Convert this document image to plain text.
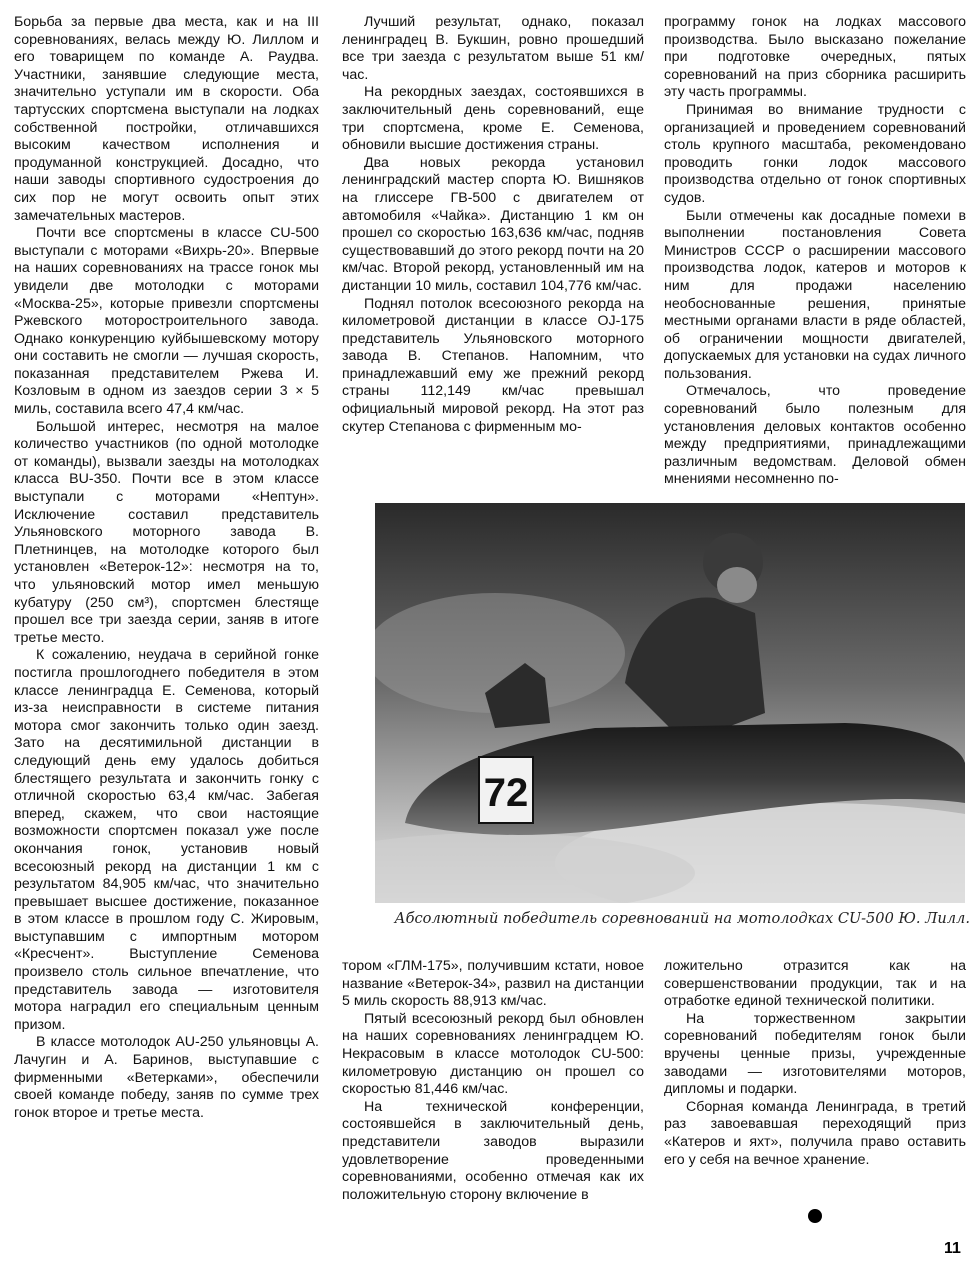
Борьба за первые два места, как и на III соревнованиях, велась между Ю. Лиллом и его товарищем по команде А. Раудва. Участники, занявшие следующие места, значительно уступали им в скорости. Оба тартусских спортсмена выступали на лодках собственной постройки, отличавшихся высоким качеством исполнения и продуманной конструкцией. Досадно, что наши заводы спортивного судостроения до сих пор не могут освоить опыт этих замечательных мастеров.

Почти все спортсмены в классе СU-500 выступали с моторами «Вихрь-20». Впервые на наших соревнованиях на трассе гонок мы увидели две мотолодки с моторами «Москва-25», которые привезли спортсмены Ржевского моторостроительного завода. Однако конкуренцию куйбышевскому мотору они составить не смогли — лучшая скорость, показанная представителем Ржева И. Козловым в одном из заездов серии 3 × 5 миль, составила всего 47,4 км/час.

Большой интерес, несмотря на малое количество участников (по одной мотолодке от команды), вызвали заезды на мотолодках класса ВU-350. Почти все в этом классе выступали с моторами «Нептун». Исключение составил представитель Ульяновского моторного завода В. Плетнинцев, на мотолодке которого был установлен «Ветерок-12»: несмотря на то, что ульяновский мотор имел меньшую кубатуру (250 см³), спортсмен блестяще прошел все три заезда серии, заняв в итоге третье место.

К сожалению, неудача в серийной гонке постигла прошлогоднего победителя в этом классе ленинградца Е. Семенова, который из-за неисправности в системе питания мотора смог закончить только один заезд. Зато на десятимильной дистанции в следующий день ему удалось добиться блестящего результата и закончить гонку с отличной скоростью 63,4 км/час. Забегая вперед, скажем, что свои настоящие возможности спортсмен показал уже после окончания гонок, установив новый всесоюзный рекорд на дистанции 1 км с результатом 84,905 км/час, что значительно превышает высшее достижение, показанное в этом классе в прошлом году С. Жировым, выступавшим с импортным мотором «Кресчент». Выступление Семенова произвело столь сильное впечатление, что представитель завода — изготовителя мотора наградил его специальным ценным призом.

В классе мотолодок АU-250 ульяновцы А. Лачугин и А. Баринов, выступавшие с фирменными «Ветерками», обеспечили своей команде победу, заняв по сумме трех гонок второе и третье места.

Лучший результат, однако, показал ленинградец В. Букшин, ровно прошедший все три заезда с результатом выше 51 км/час.

На рекордных заездах, состоявшихся в заключительный день соревнований, еще три спортсмена, кроме Е. Семенова, обновили высшие достижения страны.

Два новых рекорда установил ленинградский мастер спорта Ю. Вишняков на глиссере ГВ-500 с двигателем от автомобиля «Чайка». Дистанцию 1 км он прошел со скоростью 163,636 км/час, подняв существовавший до этого рекорд почти на 20 км/час. Второй рекорд, установленный им на дистанции 10 миль, составил 104,776 км/час.

Поднял потолок всесоюзного рекорда на километровой дистанции в классе ОJ-175 представитель Ульяновского моторного завода В. Степанов. Напомним, что принадлежавший ему же прежний рекорд страны 112,149 км/час превышал официальный мировой рекорд. На этот раз скутер Степанова с фирменным мо-

программу гонок на лодках массового производства. Было высказано пожелание при подготовке очередных, пятых соревнований на приз сборника расширить эту часть программы.

Принимая во внимание трудности с организацией и проведением соревнований столь крупного масштаба, рекомендовано проводить гонки лодок массового производства отдельно от гонок спортивных судов.

Были отмечены как досадные помехи в выполнении постановления Совета Министров СССР о расширении массового производства лодок, катеров и моторов к ним для продажи населению необоснованные решения, принятые местными органами власти в ряде областей, об ограничении мощности двигателей, допускаемых для установки на судах личного пользования.

Отмечалось, что проведение соревнований было полезным для установления деловых контактов особенно между предприятиями, принадлежащими различным ведомствам. Деловой обмен мнениями несомненно по-

72
Абсолютный победитель соревнований на мотолодках СU-500 Ю. Лилл.

тором «ГЛМ-175», получившим кстати, новое название «Ветерок-34», развил на дистанции 5 миль скорость 88,913 км/час.

Пятый всесоюзный рекорд был обновлен на наших соревнованиях ленинградцем Ю. Некрасовым в классе мотолодок СU-500: километровую дистанцию он прошел со скоростью 81,446 км/час.

На технической конференции, состоявшейся в заключительный день, представители заводов выразили удовлетворение проведенными соревнованиями, особенно отмечая как их положительную сторону включение в

ложительно отразится как на совершенствовании продукции, так и на отработке единой технической политики.

На торжественном закрытии соревнований победителям гонок были вручены ценные призы, учрежденные заводами — изготовителями моторов, дипломы и подарки.

Сборная команда Ленинграда, в третий раз завоевавшая переходящий приз «Катеров и яхт», получила право оставить его у себя на вечное хранение.

11
